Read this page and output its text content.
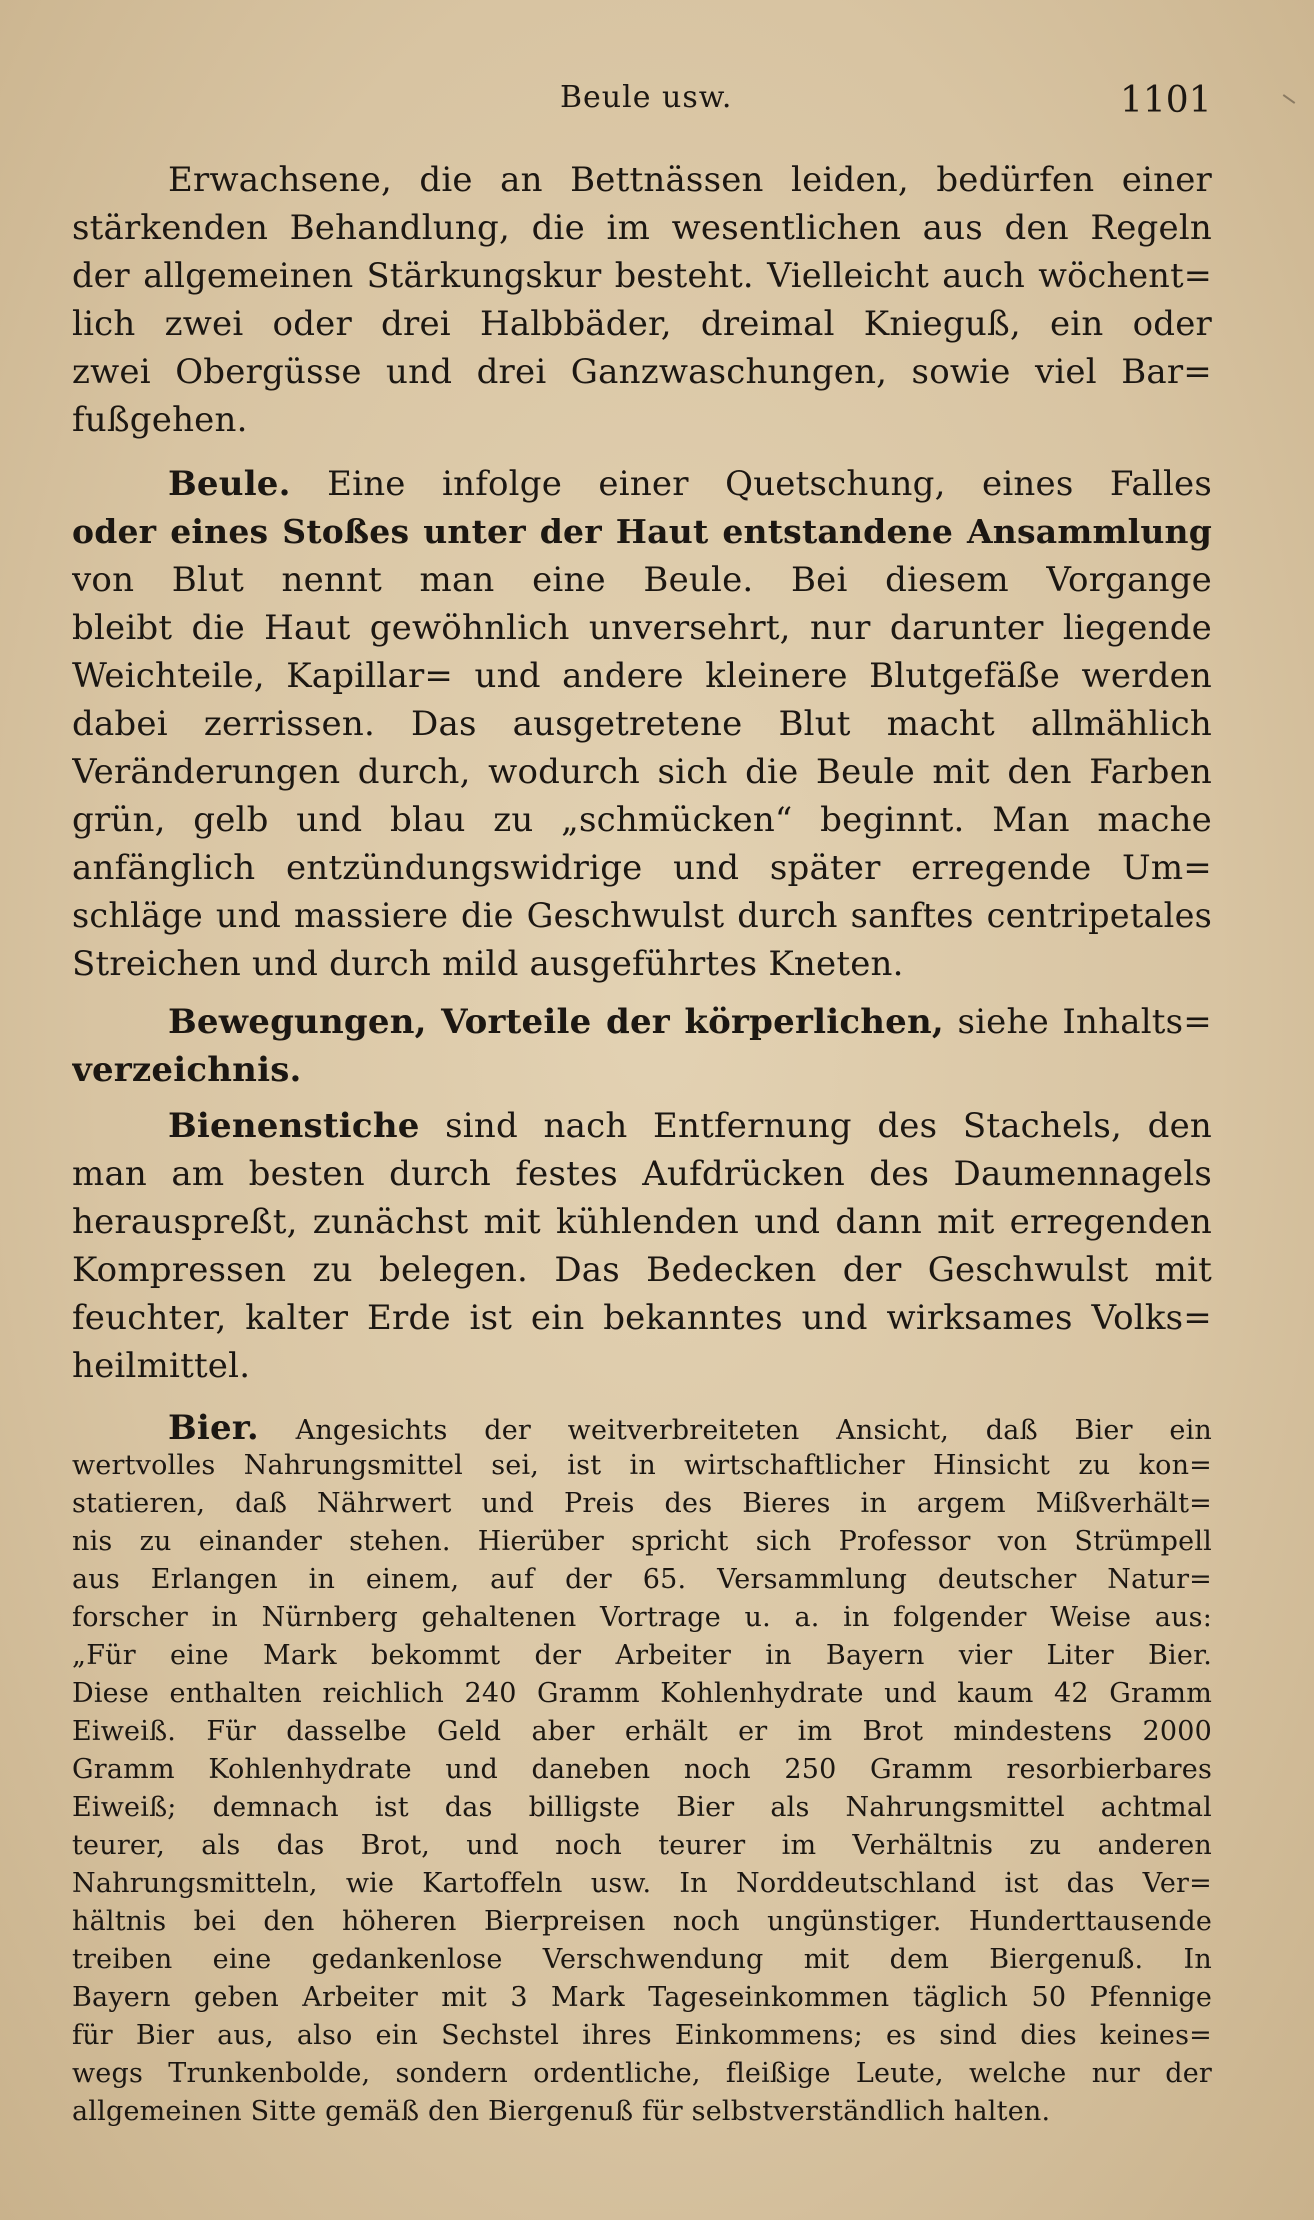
Beule usw.	1101
Erwachsene, die an Bettnässen leiden, bedürfen einer
stärkenden Behandlung, die im wesentlichen aus den Regeln
der allgemeinen Stärkungskur besteht. Vielleicht auch wöchent=
lich zwei oder drei Halbbäder, dreimal Knieguß, ein oder
zwei Obergüsse und drei Ganzwaschungen, sowie viel Bar=
fußgehen.
Beule. Eine infolge einer Quetschung, eines Falles
oder eines Stoßes unter der Haut entstandene Ansammlung
von Blut nennt man eine Beule. Bei diesem Vorgange
bleibt die Haut gewöhnlich unversehrt, nur darunter liegende
Weichteile, Kapillar= und andere kleinere Blutgefäße werden
dabei zerrissen. Das ausgetretene Blut macht allmählich
Veränderungen durch, wodurch sich die Beule mit den Farben
grün, gelb und blau zu „schmücken“ beginnt. Man mache
anfänglich entzündungswidrige und später erregende Um=
schläge und massiere die Geschwulst durch sanftes centripetales
Streichen und durch mild ausgeführtes Kneten.
Bewegungen, Vorteile der körperlichen, siehe Inhalts=
verzeichnis.
Bienenstiche sind nach Entfernung des Stachels, den
man am besten durch festes Aufdrücken des Daumennagels
herauspreßt, zunächst mit kühlenden und dann mit erregenden
Kompressen zu belegen. Das Bedecken der Geschwulst mit
feuchter, kalter Erde ist ein bekanntes und wirksames Volks=
heilmittel.
Bier. Angesichts der weitverbreiteten Ansicht, daß Bier ein
wertvolles Nahrungsmittel sei, ist in wirtschaftlicher Hinsicht zu kon=
statieren, daß Nährwert und Preis des Bieres in argem Mißverhält=
nis zu einander stehen. Hierüber spricht sich Professor von Strümpell
aus Erlangen in einem, auf der 65. Versammlung deutscher Natur=
forscher in Nürnberg gehaltenen Vortrage u. a. in folgender Weise aus:
„Für eine Mark bekommt der Arbeiter in Bayern vier Liter Bier.
Diese enthalten reichlich 240 Gramm Kohlenhydrate und kaum 42 Gramm
Eiweiß. Für dasselbe Geld aber erhält er im Brot mindestens 2000
Gramm Kohlenhydrate und daneben noch 250 Gramm resorbierbares
Eiweiß; demnach ist das billigste Bier als Nahrungsmittel achtmal
teurer, als das Brot, und noch teurer im Verhältnis zu anderen
Nahrungsmitteln, wie Kartoffeln usw. In Norddeutschland ist das Ver=
hältnis bei den höheren Bierpreisen noch ungünstiger. Hunderttausende
treiben eine gedankenlose Verschwendung mit dem Biergenuß. In
Bayern geben Arbeiter mit 3 Mark Tageseinkommen täglich 50 Pfennige
für Bier aus, also ein Sechstel ihres Einkommens; es sind dies keines=
wegs Trunkenbolde, sondern ordentliche, fleißige Leute, welche nur der
allgemeinen Sitte gemäß den Biergenuß für selbstverständlich halten.
